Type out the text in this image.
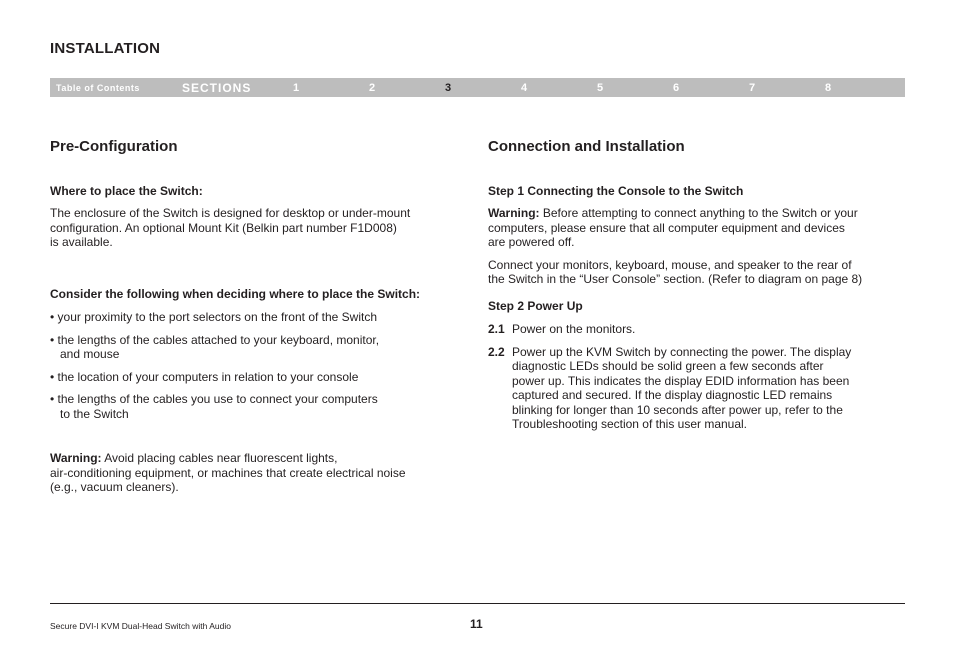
INSTALLATION
Table of Contents	SECTIONS	1	2	3	4	5	6	7	8
Pre-Configuration

Where to place the Switch:

The enclosure of the Switch is designed for desktop or under-mount
configuration. An optional Mount Kit (Belkin part number F1D008)
is available.

Consider the following when deciding where to place the Switch:

• your proximity to the port selectors on the front of the Switch

• the lengths of the cables attached to your keyboard, monitor,
and mouse

• the location of your computers in relation to your console

• the lengths of the cables you use to connect your computers
to the Switch

Warning: Avoid placing cables near fluorescent lights,
air-conditioning equipment, or machines that create electrical noise
(e.g., vacuum cleaners).

Connection and Installation

Step 1 Connecting the Console to the Switch

Warning: Before attempting to connect anything to the Switch or your
computers, please ensure that all computer equipment and devices
are powered off.

Connect your monitors, keyboard, mouse, and speaker to the rear of
the Switch in the “User Console” section. (Refer to diagram on page 8)

Step 2 Power Up

2.1 Power on the monitors.

2.2 Power up the KVM Switch by connecting the power. The display
diagnostic LEDs should be solid green a few seconds after
power up. This indicates the display EDID information has been
captured and secured. If the display diagnostic LED remains
blinking for longer than 10 seconds after power up, refer to the
Troubleshooting section of this user manual.

Secure DVI-I KVM Dual-Head Switch with Audio	11
